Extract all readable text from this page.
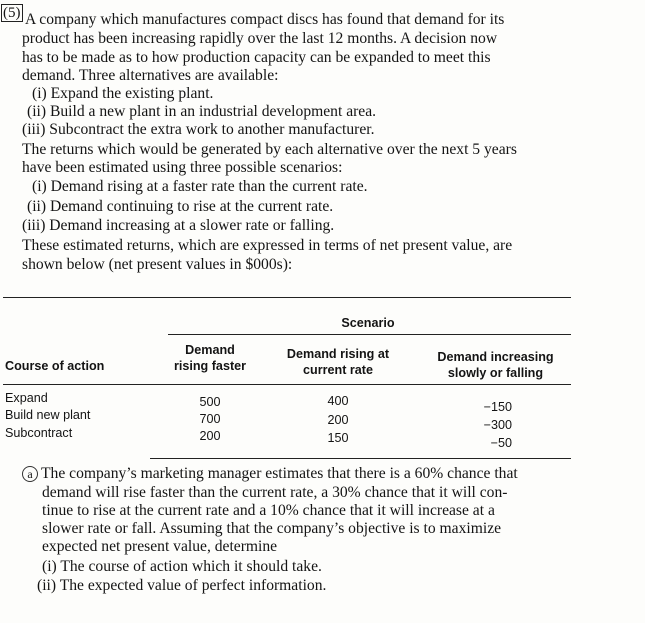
(5) A company which manufactures compact discs has found that demand for its
product has been increasing rapidly over the last 12 months. A decision now
has to be made as to how production capacity can be expanded to meet this
demand. Three alternatives are available:
(i) Expand the existing plant.
(ii) Build a new plant in an industrial development area.
(iii) Subcontract the extra work to another manufacturer.
The returns which would be generated by each alternative over the next 5 years
have been estimated using three possible scenarios:
(i) Demand rising at a faster rate than the current rate.
(ii) Demand continuing to rise at the current rate.
(iii) Demand increasing at a slower rate or falling.
These estimated returns, which are expressed in terms of net present value, are
shown below (net present values in $000s):
Scenario
Demand
rising faster
Demand rising at
current rate
Demand increasing
slowly or falling
Course of action
Expand
Build new plant
Subcontract
500
700
200
400
200
150
−150
−300
−50
a The company’s marketing manager estimates that there is a 60% chance that
demand will rise faster than the current rate, a 30% chance that it will con-
tinue to rise at the current rate and a 10% chance that it will increase at a
slower rate or fall. Assuming that the company’s objective is to maximize
expected net present value, determine
(i) The course of action which it should take.
(ii) The expected value of perfect information.
